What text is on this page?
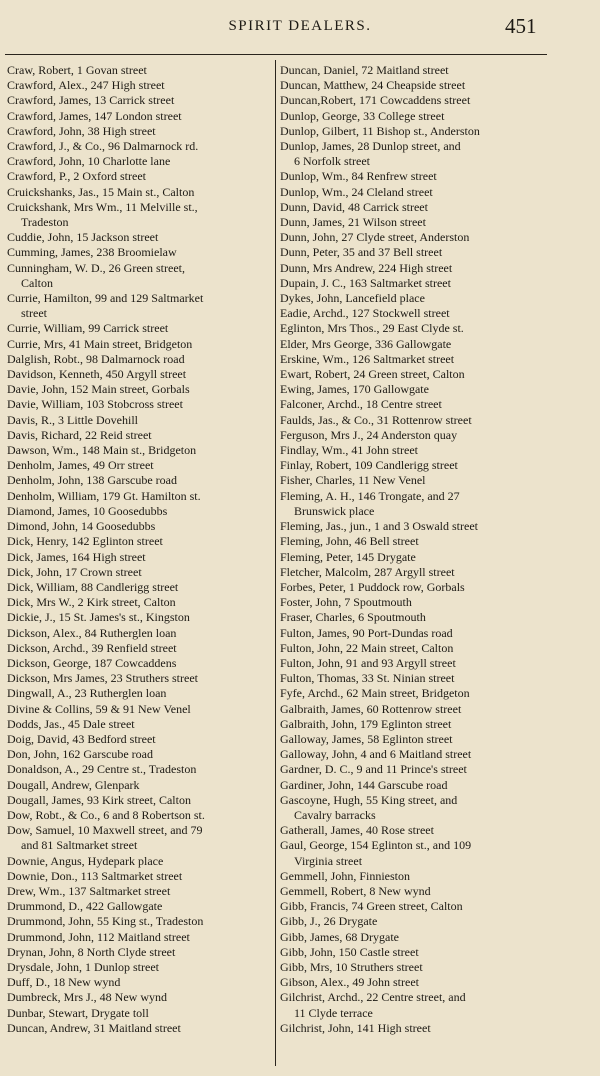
SPIRIT DEALERS.	451

Craw, Robert, 1 Govan street

Crawford, Alex., 247 High street

Crawford, James, 13 Carrick street

Crawford, James, 147 London street

Crawford, John, 38 High street

Crawford, J., & Co., 96 Dalmarnock rd.

Crawford, John, 10 Charlotte lane

Crawford, P., 2 Oxford street

Cruickshanks, Jas., 15 Main st., Calton

Cruickshank, Mrs Wm., 11 Melville st.,
Tradeston

Cuddie, John, 15 Jackson street

Cumming, James, 238 Broomielaw

Cunningham, W. D., 26 Green street,
Calton

Currie, Hamilton, 99 and 129 Saltmarket
street

Currie, William, 99 Carrick street

Currie, Mrs, 41 Main street, Bridgeton

Dalglish, Robt., 98 Dalmarnock road

Davidson, Kenneth, 450 Argyll street

Davie, John, 152 Main street, Gorbals

Davie, William, 103 Stobcross street

Davis, R., 3 Little Dovehill

Davis, Richard, 22 Reid street

Dawson, Wm., 148 Main st., Bridgeton

Denholm, James, 49 Orr street

Denholm, John, 138 Garscube road

Denholm, William, 179 Gt. Hamilton st.

Diamond, James, 10 Goosedubbs

Dimond, John, 14 Goosedubbs

Dick, Henry, 142 Eglinton street

Dick, James, 164 High street

Dick, John, 17 Crown street

Dick, William, 88 Candlerigg street

Dick, Mrs W., 2 Kirk street, Calton

Dickie, J., 15 St. James's st., Kingston

Dickson, Alex., 84 Rutherglen loan

Dickson, Archd., 39 Renfield street

Dickson, George, 187 Cowcaddens

Dickson, Mrs James, 23 Struthers street

Dingwall, A., 23 Rutherglen loan

Divine & Collins, 59 & 91 New Venel

Dodds, Jas., 45 Dale street

Doig, David, 43 Bedford street

Don, John, 162 Garscube road

Donaldson, A., 29 Centre st., Tradeston

Dougall, Andrew, Glenpark

Dougall, James, 93 Kirk street, Calton

Dow, Robt., & Co., 6 and 8 Robertson st.

Dow, Samuel, 10 Maxwell street, and 79
and 81 Saltmarket street

Downie, Angus, Hydepark place

Downie, Don., 113 Saltmarket street

Drew, Wm., 137 Saltmarket street

Drummond, D., 422 Gallowgate

Drummond, John, 55 King st., Tradeston

Drummond, John, 112 Maitland street

Drynan, John, 8 North Clyde street

Drysdale, John, 1 Dunlop street

Duff, D., 18 New wynd

Dumbreck, Mrs J., 48 New wynd

Dunbar, Stewart, Drygate toll

Duncan, Andrew, 31 Maitland street

Duncan, Daniel, 72 Maitland street

Duncan, Matthew, 24 Cheapside street

Duncan,Robert, 171 Cowcaddens street

Dunlop, George, 33 College street

Dunlop, Gilbert, 11 Bishop st., Anderston

Dunlop, James, 28 Dunlop street, and
6 Norfolk street

Dunlop, Wm., 84 Renfrew street

Dunlop, Wm., 24 Cleland street

Dunn, David, 48 Carrick street

Dunn, James, 21 Wilson street

Dunn, John, 27 Clyde street, Anderston

Dunn, Peter, 35 and 37 Bell street

Dunn, Mrs Andrew, 224 High street

Dupain, J. C., 163 Saltmarket street

Dykes, John, Lancefield place

Eadie, Archd., 127 Stockwell street

Eglinton, Mrs Thos., 29 East Clyde st.

Elder, Mrs George, 336 Gallowgate

Erskine, Wm., 126 Saltmarket street

Ewart, Robert, 24 Green street, Calton

Ewing, James, 170 Gallowgate

Falconer, Archd., 18 Centre street

Faulds, Jas., & Co., 31 Rottenrow street

Ferguson, Mrs J., 24 Anderston quay

Findlay, Wm., 41 John street

Finlay, Robert, 109 Candlerigg street

Fisher, Charles, 11 New Venel

Fleming, A. H., 146 Trongate, and 27
Brunswick place

Fleming, Jas., jun., 1 and 3 Oswald street

Fleming, John, 46 Bell street

Fleming, Peter, 145 Drygate

Fletcher, Malcolm, 287 Argyll street

Forbes, Peter, 1 Puddock row, Gorbals

Foster, John, 7 Spoutmouth

Fraser, Charles, 6 Spoutmouth

Fulton, James, 90 Port-Dundas road

Fulton, John, 22 Main street, Calton

Fulton, John, 91 and 93 Argyll street

Fulton, Thomas, 33 St. Ninian street

Fyfe, Archd., 62 Main street, Bridgeton

Galbraith, James, 60 Rottenrow street

Galbraith, John, 179 Eglinton street

Galloway, James, 58 Eglinton street

Galloway, John, 4 and 6 Maitland street

Gardner, D. C., 9 and 11 Prince's street

Gardiner, John, 144 Garscube road

Gascoyne, Hugh, 55 King street, and
Cavalry barracks

Gatherall, James, 40 Rose street

Gaul, George, 154 Eglinton st., and 109
Virginia street

Gemmell, John, Finnieston

Gemmell, Robert, 8 New wynd

Gibb, Francis, 74 Green street, Calton

Gibb, J., 26 Drygate

Gibb, James, 68 Drygate

Gibb, John, 150 Castle street

Gibb, Mrs, 10 Struthers street

Gibson, Alex., 49 John street

Gilchrist, Archd., 22 Centre street, and
11 Clyde terrace

Gilchrist, John, 141 High street
